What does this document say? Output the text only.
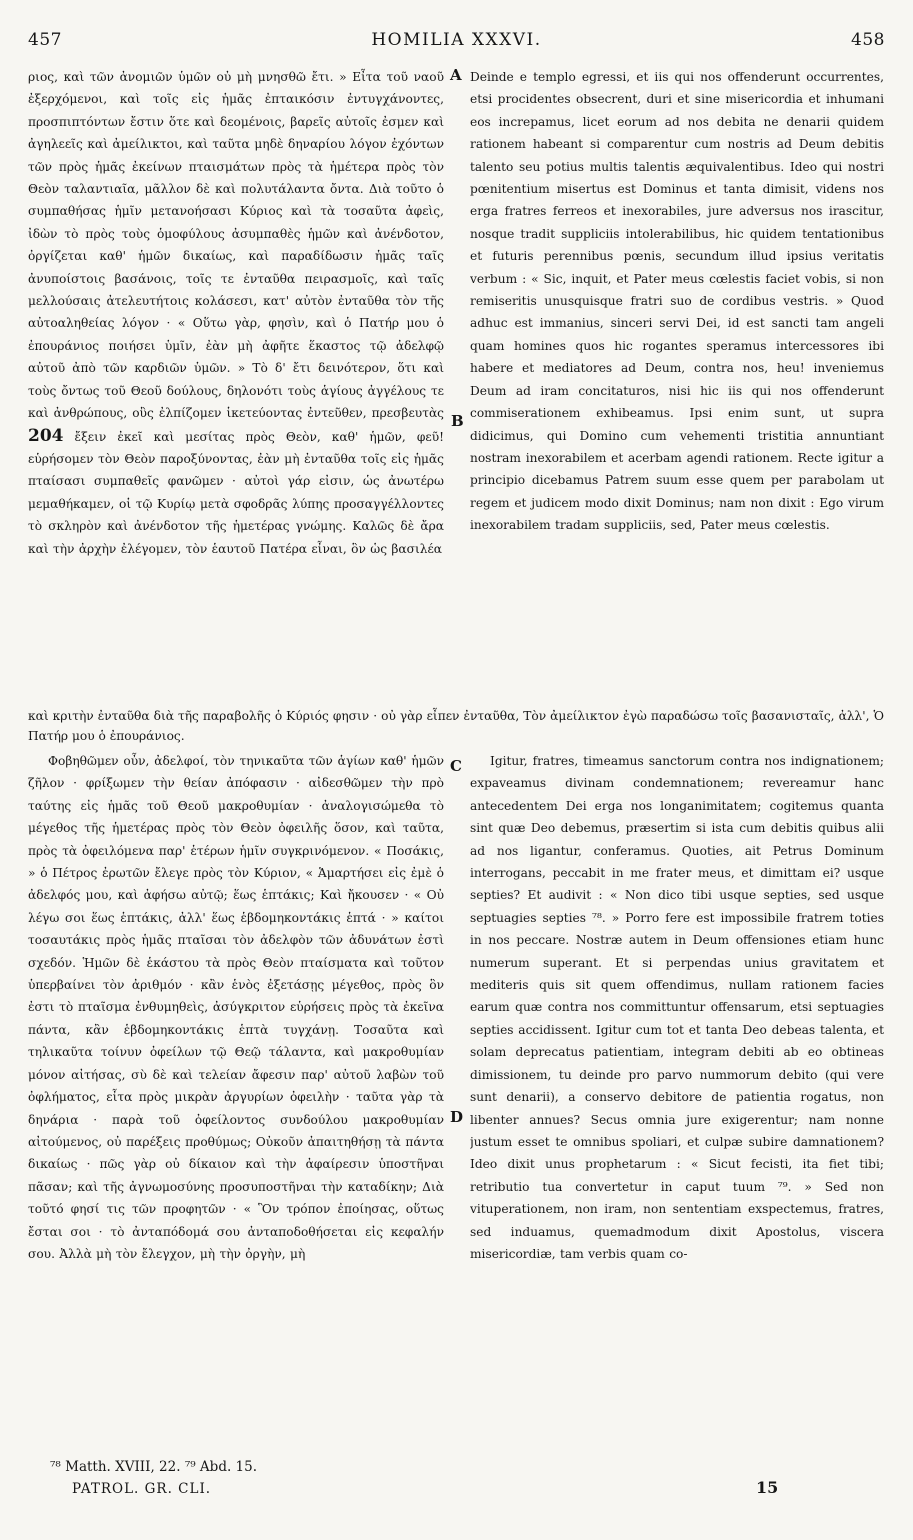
457	HOMILIA XXXVI.	458
A
B
C
D

ριος, καὶ τῶν ἀνομιῶν ὑμῶν οὐ μὴ μνησθῶ ἔτι. » Εἶτα τοῦ ναοῦ ἐξερχόμενοι, καὶ τοῖς εἰς ἡμᾶς ἐπταικόσιν ἐντυγχάνοντες, προσπιπτόντων ἔστιν ὅτε καὶ δεομένοις, βαρεῖς αὐτοῖς ἐσμεν καὶ ἀγηλεεῖς καὶ ἀμείλικτοι, καὶ ταῦτα μηδὲ δηναρίου λόγον ἐχόντων τῶν πρὸς ἡμᾶς ἐκείνων πταισμάτων πρὸς τὰ ἡμέτερα πρὸς τὸν Θεὸν ταλαντιαῖα, μᾶλλον δὲ καὶ πολυτάλαντα ὄντα. Διὰ τοῦτο ὁ συμπαθήσας ἡμῖν μετανοήσασι Κύριος καὶ τὰ τοσαῦτα ἀφεὶς, ἰδὼν τὸ πρὸς τοὺς ὁμοφύλους ἀσυμπαθὲς ἡμῶν καὶ ἀνένδοτον, ὀργίζεται καθ' ἡμῶν δικαίως, καὶ παραδίδωσιν ἡμᾶς ταῖς ἀνυποίστοις βασάνοις, τοῖς τε ἐνταῦθα πειρασμοῖς, καὶ ταῖς μελλούσαις ἀτελευτήτοις κολάσεσι, κατ' αὐτὸν ἐνταῦθα τὸν τῆς αὐτοαληθείας λόγον · « Οὕτω γὰρ, φησὶν, καὶ ὁ Πατήρ μου ὁ ἐπουράνιος ποιήσει ὑμῖν, ἐὰν μὴ ἀφῆτε ἕκαστος τῷ ἀδελφῷ αὐτοῦ ἀπὸ τῶν καρδιῶν ὑμῶν. » Τὸ δ' ἔτι δεινότερον, ὅτι καὶ τοὺς ὄντως τοῦ Θεοῦ δούλους, δηλονότι τοὺς ἁγίους ἀγγέλους τε καὶ ἀνθρώπους, οὓς ἐλπίζομεν ἱκετεύοντας ἐντεῦθεν, πρεσβευτὰς 204 ἔξειν ἐκεῖ καὶ μεσίτας πρὸς Θεὸν, καθ' ἡμῶν, φεῦ! εὑρήσομεν τὸν Θεὸν παροξύνοντας, ἐὰν μὴ ἐνταῦθα τοῖς εἰς ἡμᾶς πταίσασι συμπαθεῖς φανῶμεν · αὐτοὶ γάρ εἰσιν, ὡς ἀνωτέρω μεμαθήκαμεν, οἱ τῷ Κυρίῳ μετὰ σφοδρᾶς λύπης προσαγγέλλοντες τὸ σκληρὸν καὶ ἀνένδοτον τῆς ἡμετέρας γνώμης. Καλῶς δὲ ἄρα καὶ τὴν ἀρχὴν ἐλέγομεν, τὸν ἑαυτοῦ Πατέρα εἶναι, ὃν ὡς βασιλέα

Deinde e templo egressi, et iis qui nos offenderunt occurrentes, etsi procidentes obsecrent, duri et sine misericordia et inhumani eos increpamus, licet eorum ad nos debita ne denarii quidem rationem habeant si comparentur cum nostris ad Deum debitis talento seu potius multis talentis æquivalentibus. Ideo qui nostri pœnitentium misertus est Dominus et tanta dimisit, videns nos erga fratres ferreos et inexorabiles, jure adversus nos irascitur, nosque tradit suppliciis intolerabilibus, hic quidem tentationibus et futuris perennibus pœnis, secundum illud ipsius veritatis verbum : « Sic, inquit, et Pater meus cœlestis faciet vobis, si non remiseritis unusquisque fratri suo de cordibus vestris. » Quod adhuc est immanius, sinceri servi Dei, id est sancti tam angeli quam homines quos hic rogantes speramus intercessores ibi habere et mediatores ad Deum, contra nos, heu! inveniemus Deum ad iram concitaturos, nisi hic iis qui nos offenderunt commiserationem exhibeamus. Ipsi enim sunt, ut supra didicimus, qui Domino cum vehementi tristitia annuntiant nostram inexorabilem et acerbam agendi rationem. Recte igitur a principio dicebamus Patrem suum esse quem per parabolam ut regem et judicem modo dixit Dominus; nam non dixit : Ego virum inexorabilem tradam suppliciis, sed, Pater meus cœlestis.

καὶ κριτὴν ἐνταῦθα διὰ τῆς παραβολῆς ὁ Κύριός φησιν · οὐ γὰρ εἶπεν ἐνταῦθα, Τὸν ἀμείλικτον ἐγὼ παραδώσω τοῖς βασανισταῖς, ἀλλ', Ὁ Πατήρ μου ὁ ἐπουράνιος.

Φοβηθῶμεν οὖν, ἀδελφοί, τὸν τηνικαῦτα τῶν ἁγίων καθ' ἡμῶν ζῆλον · φρίξωμεν τὴν θείαν ἀπόφασιν · αἰδεσθῶμεν τὴν πρὸ ταύτης εἰς ἡμᾶς τοῦ Θεοῦ μακροθυμίαν · ἀναλογισώμεθα τὸ μέγεθος τῆς ἡμετέρας πρὸς τὸν Θεὸν ὀφειλῆς ὅσον, καὶ ταῦτα, πρὸς τὰ ὀφειλόμενα παρ' ἑτέρων ἡμῖν συγκρινόμενον. « Ποσάκις, » ὁ Πέτρος ἐρωτῶν ἔλεγε πρὸς τὸν Κύριον, « Ἁμαρτήσει εἰς ἐμὲ ὁ ἀδελφός μου, καὶ ἀφήσω αὐτῷ; ἕως ἑπτάκις; Καὶ ἤκουσεν · « Οὐ λέγω σοι ἕως ἑπτάκις, ἀλλ' ἕως ἑβδομηκοντάκις ἑπτά · » καίτοι τοσαυτάκις πρὸς ἡμᾶς πταῖσαι τὸν ἀδελφὸν τῶν ἀδυνάτων ἐστὶ σχεδόν. Ἡμῶν δὲ ἑκάστου τὰ πρὸς Θεὸν πταίσματα καὶ τοῦτον ὑπερβαίνει τὸν ἀριθμόν · κἂν ἑνὸς ἐξετάσῃς μέγεθος, πρὸς ὃν ἐστι τὸ πταῖσμα ἐνθυμηθεὶς, ἀσύγκριτον εὑρήσεις πρὸς τὰ ἐκεῖνα πάντα, κἂν ἑβδομηκοντάκις ἑπτὰ τυγχάνῃ. Τοσαῦτα καὶ τηλικαῦτα τοίνυν ὀφείλων τῷ Θεῷ τάλαντα, καὶ μακροθυμίαν μόνον αἰτήσας, σὺ δὲ καὶ τελείαν ἄφεσιν παρ' αὐτοῦ λαβὼν τοῦ ὀφλήματος, εἶτα πρὸς μικρὰν ἀργυρίων ὀφειλὴν · ταῦτα γὰρ τὰ δηνάρια · παρὰ τοῦ ὀφείλοντος συνδούλου μακροθυμίαν αἰτούμενος, οὐ παρέξεις προθύμως; Οὐκοῦν ἀπαιτηθήσῃ τὰ πάντα δικαίως · πῶς γὰρ οὐ δίκαιον καὶ τὴν ἀφαίρεσιν ὑποστῆναι πᾶσαν; καὶ τῆς ἀγνωμοσύνης προσυποστῆναι τὴν καταδίκην; Διὰ τοῦτό φησί τις τῶν προφητῶν · « Ὃν τρόπον ἐποίησας, οὕτως ἔσται σοι · τὸ ἀνταπόδομά σου ἀνταποδοθήσεται εἰς κεφαλήν σου. Ἀλλὰ μὴ τὸν ἔλεγχον, μὴ τὴν ὀργὴν, μὴ

Igitur, fratres, timeamus sanctorum contra nos indignationem; expaveamus divinam condemnationem; revereamur hanc antecedentem Dei erga nos longanimitatem; cogitemus quanta sint quæ Deo debemus, præsertim si ista cum debitis quibus alii ad nos ligantur, conferamus. Quoties, ait Petrus Dominum interrogans, peccabit in me frater meus, et dimittam ei? usque septies? Et audivit : « Non dico tibi usque septies, sed usque septuagies septies ⁷⁸. » Porro fere est impossibile fratrem toties in nos peccare. Nostræ autem in Deum offensiones etiam hunc numerum superant. Et si perpendas unius gravitatem et mediteris quis sit quem offendimus, nullam rationem facies earum quæ contra nos committuntur offensarum, etsi septuagies septies accidissent. Igitur cum tot et tanta Deo debeas talenta, et solam deprecatus patientiam, integram debiti ab eo obtineas dimissionem, tu deinde pro parvo nummorum debito (qui vere sunt denarii), a conservo debitore de patientia rogatus, non libenter annues? Secus omnia jure exigerentur; nam nonne justum esset te omnibus spoliari, et culpæ subire damnationem? Ideo dixit unus prophetarum : « Sicut fecisti, ita fiet tibi; retributio tua convertetur in caput tuum ⁷⁹. » Sed non vituperationem, non iram, non sententiam exspectemus, fratres, sed induamus, quemadmodum dixit Apostolus, viscera misericordiæ, tam verbis quam co-

⁷⁸ Matth. XVIII, 22. ⁷⁹ Abd. 15.
PATROL. GR. CLI.	15
